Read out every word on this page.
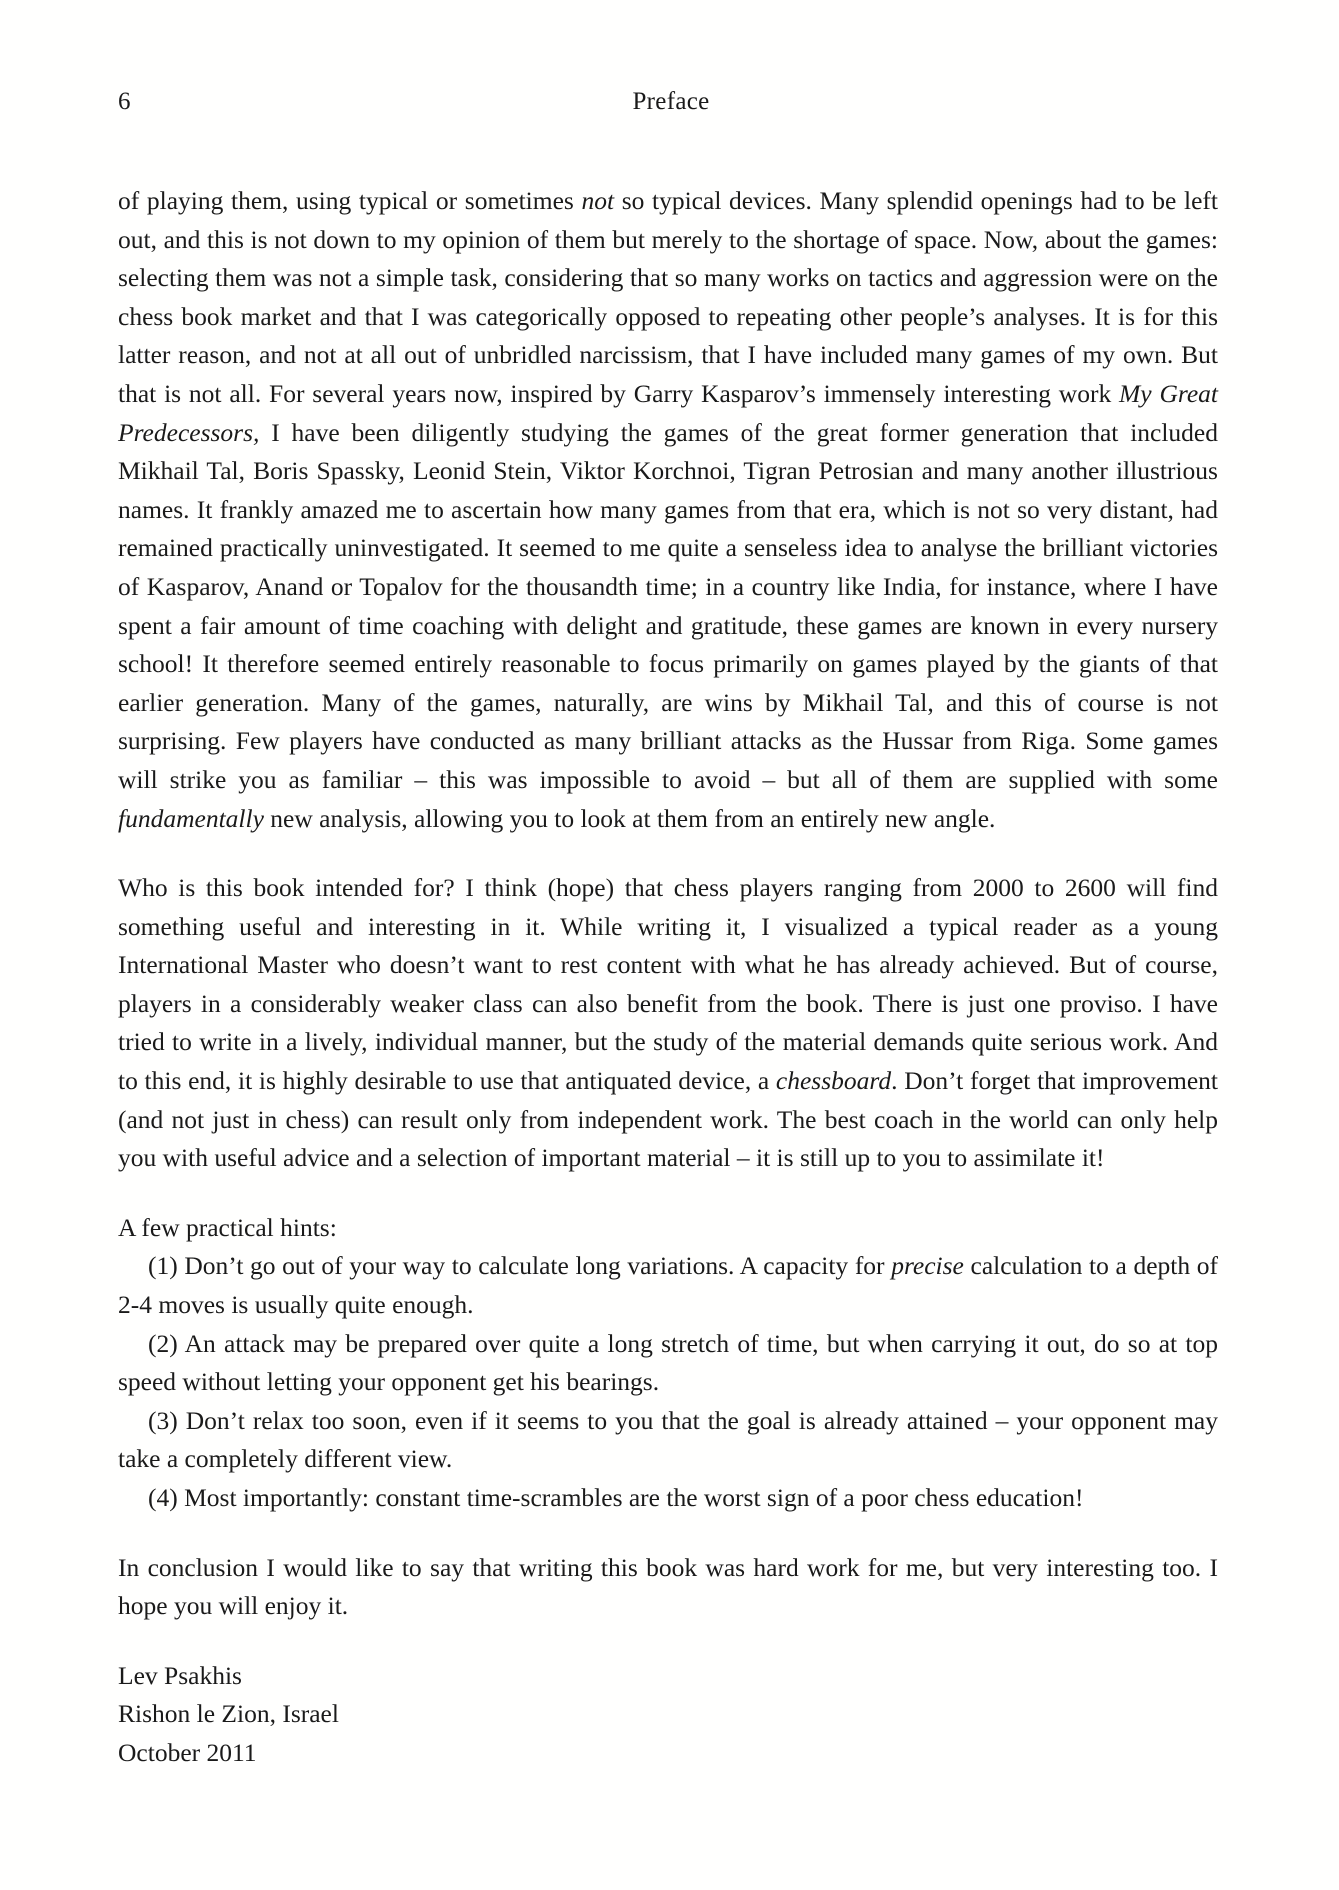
6	Preface

of playing them, using typical or sometimes not so typical devices. Many splendid openings had to be left out, and this is not down to my opinion of them but merely to the shortage of space. Now, about the games: selecting them was not a simple task, considering that so many works on tactics and aggression were on the chess book market and that I was categorically opposed to repeating other people’s analyses. It is for this latter reason, and not at all out of unbridled narcissism, that I have included many games of my own. But that is not all. For several years now, inspired by Garry Kasparov’s immensely interesting work My Great Predecessors, I have been diligently studying the games of the great former generation that included Mikhail Tal, Boris Spassky, Leonid Stein, Viktor Korchnoi, Tigran Petrosian and many another illustrious names. It frankly amazed me to ascertain how many games from that era, which is not so very distant, had remained practically uninvestigated. It seemed to me quite a senseless idea to analyse the brilliant victories of Kasparov, Anand or Topalov for the thousandth time; in a country like India, for instance, where I have spent a fair amount of time coaching with delight and gratitude, these games are known in every nursery school! It therefore seemed entirely reasonable to focus primarily on games played by the giants of that earlier generation. Many of the games, naturally, are wins by Mikhail Tal, and this of course is not surprising. Few players have conducted as many brilliant attacks as the Hussar from Riga. Some games will strike you as familiar – this was impossible to avoid – but all of them are supplied with some fundamentally new analysis, allowing you to look at them from an entirely new angle.

Who is this book intended for? I think (hope) that chess players ranging from 2000 to 2600 will find something useful and interesting in it. While writing it, I visualized a typical reader as a young International Master who doesn’t want to rest content with what he has already achieved. But of course, players in a considerably weaker class can also benefit from the book. There is just one proviso. I have tried to write in a lively, individual manner, but the study of the material demands quite serious work. And to this end, it is highly desirable to use that antiquated device, a chessboard. Don’t forget that improvement (and not just in chess) can result only from independent work. The best coach in the world can only help you with useful advice and a selection of important material – it is still up to you to assimilate it!

A few practical hints:

(1) Don’t go out of your way to calculate long variations. A capacity for precise calculation to a depth of 2-4 moves is usually quite enough.

(2) An attack may be prepared over quite a long stretch of time, but when carrying it out, do so at top speed without letting your opponent get his bearings.

(3) Don’t relax too soon, even if it seems to you that the goal is already attained – your opponent may take a completely different view.

(4) Most importantly: constant time-scrambles are the worst sign of a poor chess education!

In conclusion I would like to say that writing this book was hard work for me, but very interesting too. I hope you will enjoy it.

Lev Psakhis
Rishon le Zion, Israel
October 2011
